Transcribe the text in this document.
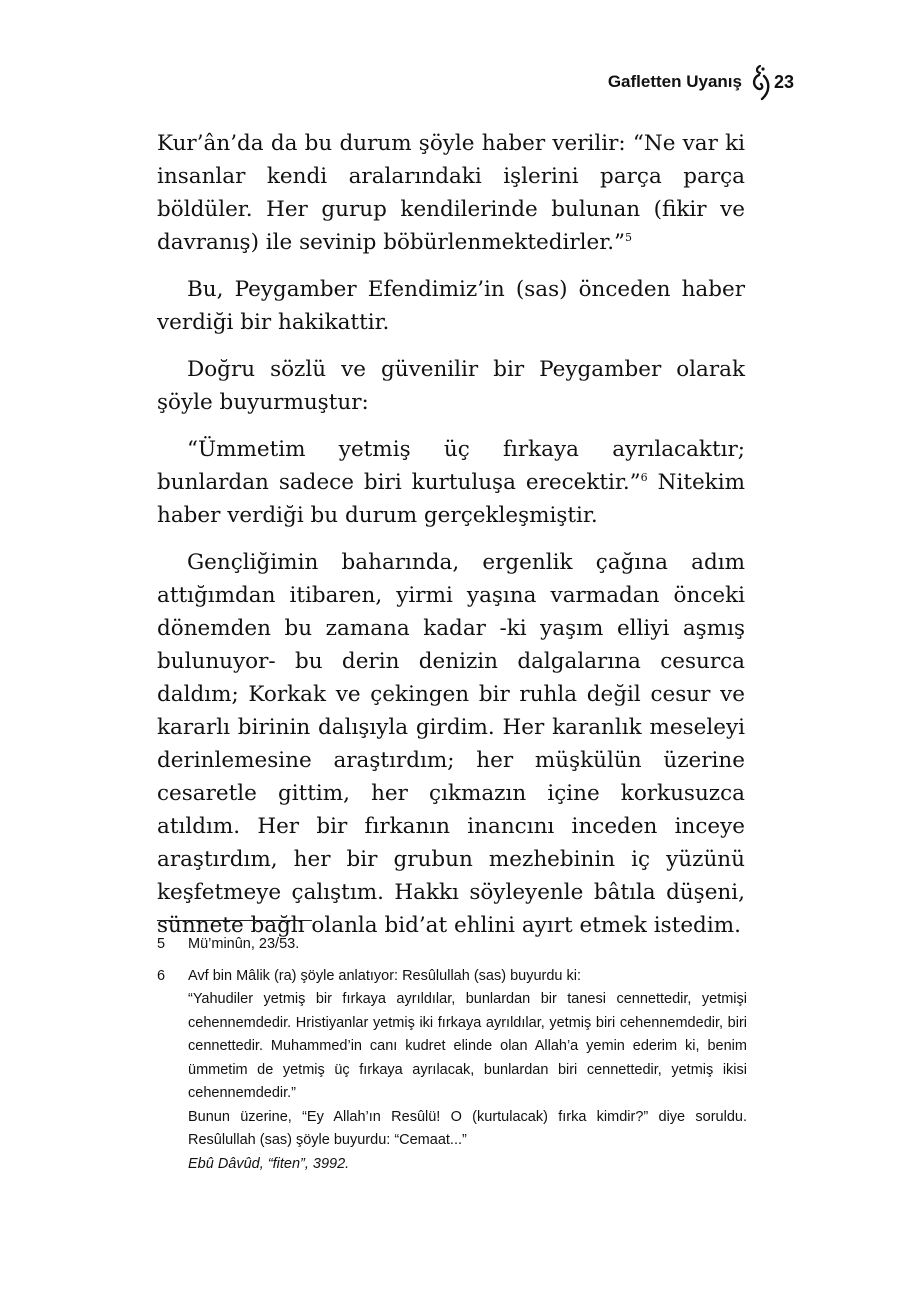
Gafletten Uyanış 23

Kur’ân’da da bu durum şöyle haber verilir: “Ne var ki insanlar kendi aralarındaki işlerini parça parça böldüler. Her gurup kendilerinde bulunan (fikir ve davranış) ile sevinip böbürlenmektedirler.”$^5$

Bu, Peygamber Efendimiz’in (sas) önceden haber verdiği bir hakikattir.

Doğru sözlü ve güvenilir bir Peygamber olarak şöyle buyurmuştur:

“Ümmetim yetmiş üç fırkaya ayrılacaktır; bunlardan sadece biri kurtuluşa erecektir.”$^6$ Nitekim haber verdiği bu durum gerçekleşmiştir.

Gençliğimin baharında, ergenlik çağına adım attığımdan itibaren, yirmi yaşına varmadan önceki dönemden bu zamana kadar -ki yaşım elliyi aşmış bulunuyor- bu derin denizin dalgalarına cesurca daldım; Korkak ve çekingen bir ruhla değil cesur ve kararlı birinin dalışıyla girdim. Her karanlık meseleyi derinlemesine araştırdım; her müşkülün üzerine cesaretle gittim, her çıkmazın içine korkusuzca atıldım. Her bir fırkanın inancını inceden inceye araştırdım, her bir grubun mezhebinin iç yüzünü keşfetmeye çalıştım. Hakkı söyleyenle bâtıla düşeni, sünnete bağlı olanla bid’at ehlini ayırt etmek istedim.

5	Mü’minûn, 23/53.
6	Avf bin Mâlik (ra) şöyle anlatıyor: Resûlullah (sas) buyurdu ki:
“Yahudiler yetmiş bir fırkaya ayrıldılar, bunlardan bir tanesi cennettedir, yetmişi cehennemdedir. Hristiyanlar yetmiş iki fırkaya ayrıldılar, yetmiş biri cehennemdedir, biri cennettedir. Muhammed’in canı kudret elinde olan Allah’a yemin ederim ki, benim ümmetim de yetmiş üç fırkaya ayrılacak, bunlardan biri cennettedir, yetmiş ikisi cehennemdedir.”
Bunun üzerine, “Ey Allah’ın Resûlü! O (kurtulacak) fırka kimdir?” diye soruldu. Resûlullah (sas) şöyle buyurdu: “Cemaat...”
Ebû Dâvûd, “fiten”, 3992.
